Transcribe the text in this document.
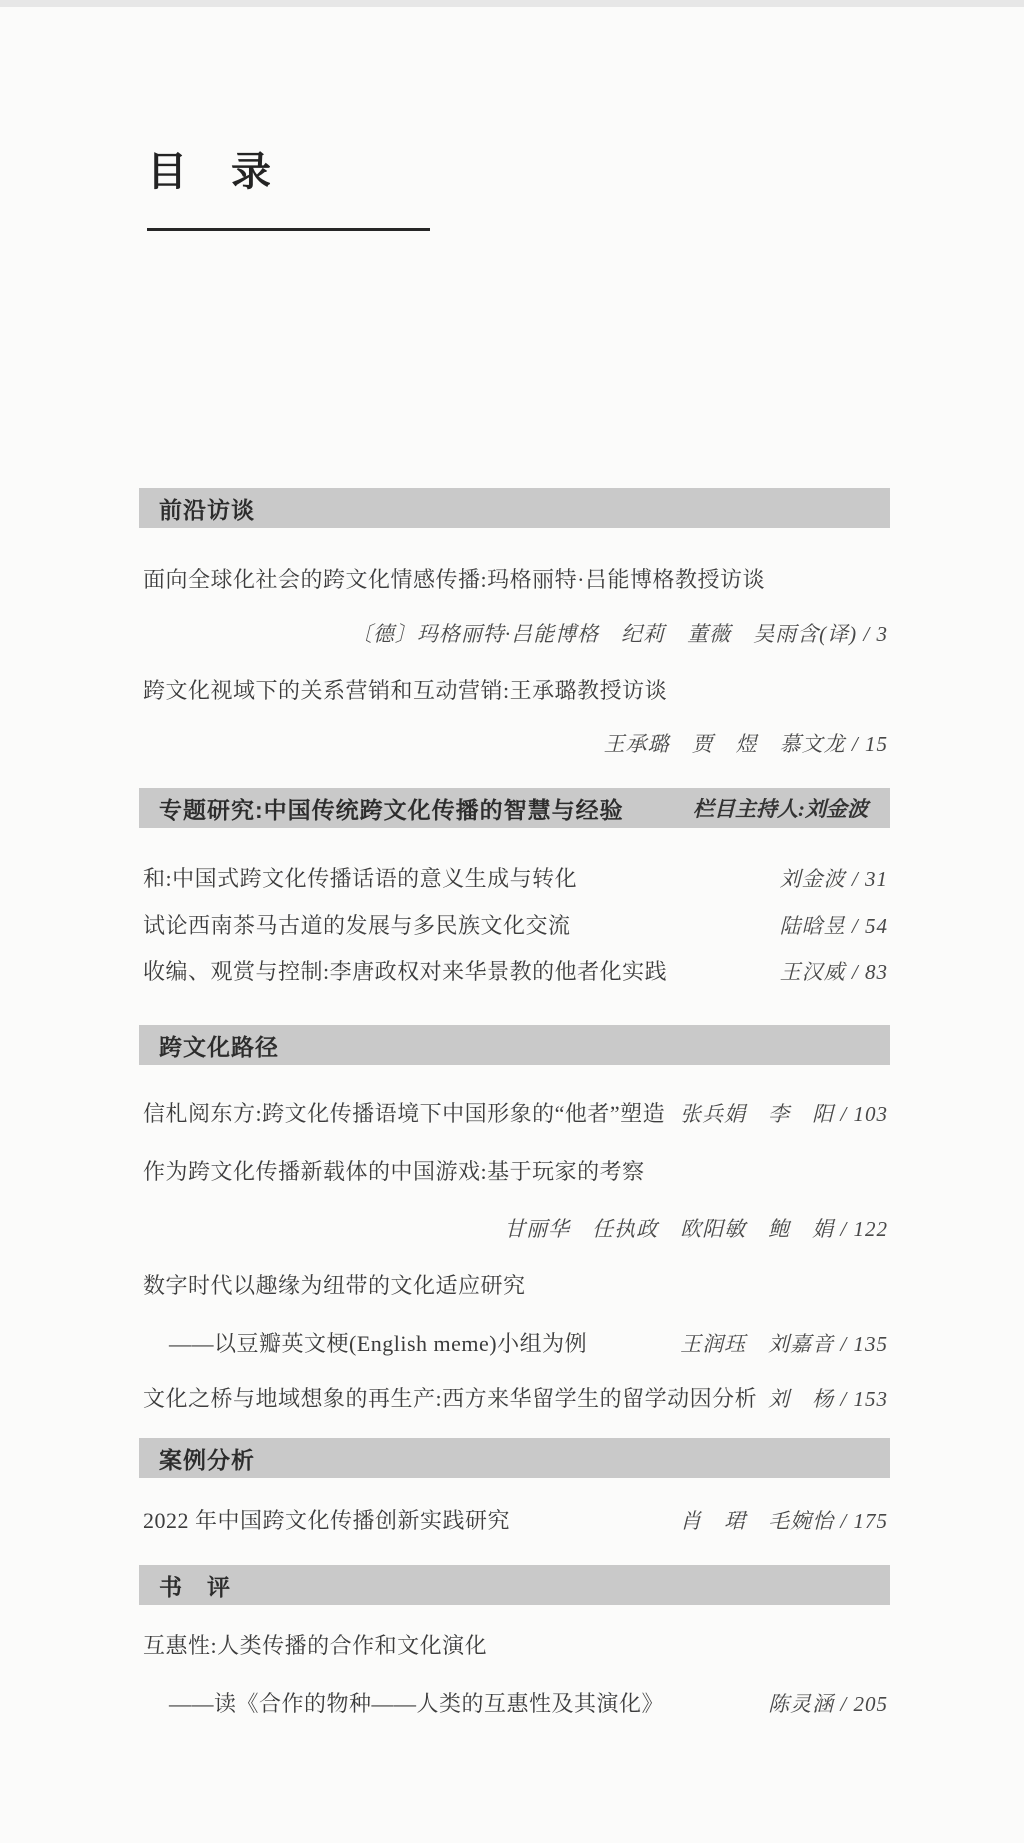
目　录
前沿访谈
面向全球化社会的跨文化情感传播:玛格丽特·吕能博格教授访谈
〔德〕玛格丽特·吕能博格　纪莉　董薇　吴雨含(译) / 3
跨文化视域下的关系营销和互动营销:王承璐教授访谈
王承璐　贾　煜　慕文龙 / 15
专题研究:中国传统跨文化传播的智慧与经验	栏目主持人:刘金波
和:中国式跨文化传播话语的意义生成与转化	刘金波 / 31
试论西南茶马古道的发展与多民族文化交流	陆晗昱 / 54
收编、观赏与控制:李唐政权对来华景教的他者化实践	王汉威 / 83
跨文化路径
信札阅东方:跨文化传播语境下中国形象的“他者”塑造 张兵娟　李　阳 / 103
作为跨文化传播新载体的中国游戏:基于玩家的考察
甘丽华　任执政　欧阳敏　鲍　娟 / 122
数字时代以趣缘为纽带的文化适应研究
——以豆瓣英文梗(English meme)小组为例	王润珏　刘嘉音 / 135
文化之桥与地域想象的再生产:西方来华留学生的留学动因分析 刘　杨 / 153
案例分析
2022 年中国跨文化传播创新实践研究	肖　珺　毛婉怡 / 175
书　评
互惠性:人类传播的合作和文化演化
——读《合作的物种——人类的互惠性及其演化》	陈灵涵 / 205
